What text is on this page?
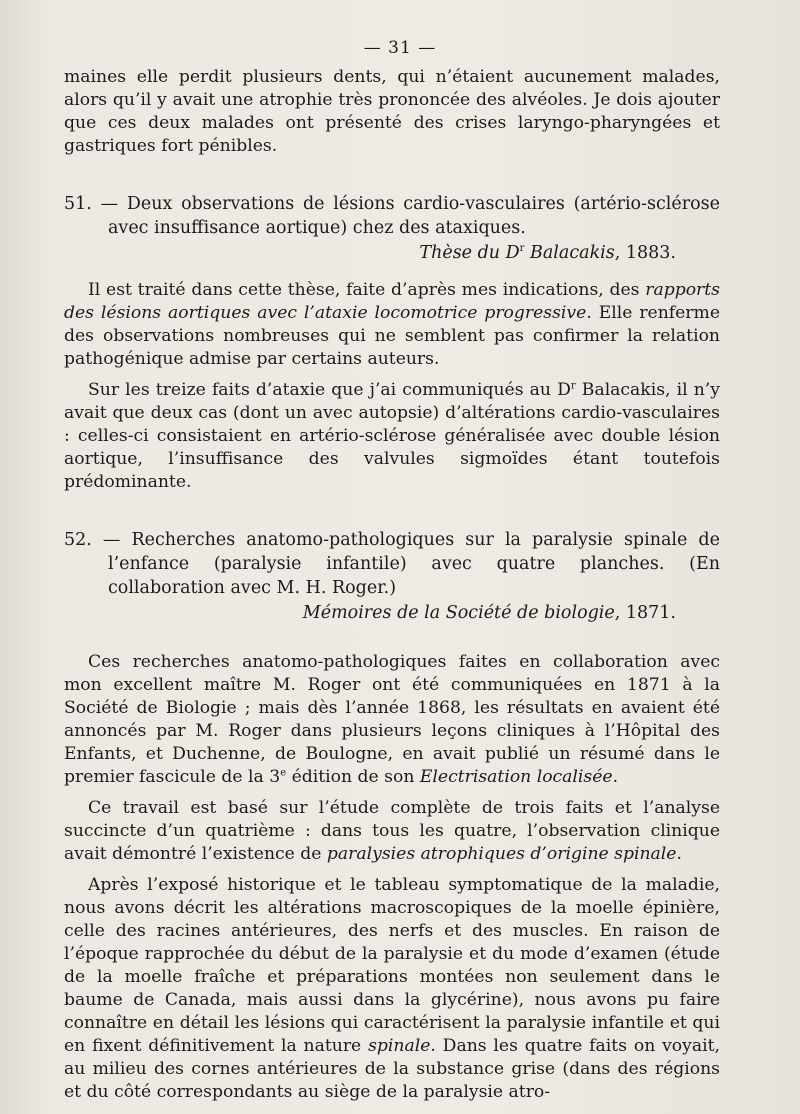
— 31 —

maines elle perdit plusieurs dents, qui n’étaient aucunement malades, alors qu’il y avait une atrophie très prononcée des alvéoles. Je dois ajouter que ces deux malades ont présenté des crises laryngo-pharyngées et gastriques fort pénibles.

51. — Deux observations de lésions cardio-vasculaires (artério-sclérose avec insuffisance aortique) chez des ataxiques.
Thèse du $D^r$ Balacakis, 1883.

Il est traité dans cette thèse, faite d’après mes indications, des rapports des lésions aortiques avec l’ataxie locomotrice progressive. Elle renferme des observations nombreuses qui ne semblent pas confirmer la relation pathogénique admise par certains auteurs.

Sur les treize faits d’ataxie que j’ai communiqués au $D^r$ Balacakis, il n’y avait que deux cas (dont un avec autopsie) d’altérations cardio-vasculaires : celles-ci consistaient en artério-sclérose généralisée avec double lésion aortique, l’insuffisance des valvules sigmoïdes étant toutefois prédominante.

52. — Recherches anatomo-pathologiques sur la paralysie spinale de l’enfance (paralysie infantile) avec quatre planches. (En collaboration avec M. H. Roger.)
Mémoires de la Société de biologie, 1871.

Ces recherches anatomo-pathologiques faites en collaboration avec mon excellent maître M. Roger ont été communiquées en 1871 à la Société de Biologie ; mais dès l’année 1868, les résultats en avaient été annoncés par M. Roger dans plusieurs leçons cliniques à l’Hôpital des Enfants, et Duchenne, de Boulogne, en avait publié un résumé dans le premier fascicule de la 3e édition de son Electrisation localisée.

Ce travail est basé sur l’étude complète de trois faits et l’analyse succincte d’un quatrième : dans tous les quatre, l’observation clinique avait démontré l’existence de paralysies atrophiques d’origine spinale.

Après l’exposé historique et le tableau symptomatique de la maladie, nous avons décrit les altérations macroscopiques de la moelle épinière, celle des racines antérieures, des nerfs et des muscles. En raison de l’époque rapprochée du début de la paralysie et du mode d’examen (étude de la moelle fraîche et préparations montées non seulement dans le baume de Canada, mais aussi dans la glycérine), nous avons pu faire connaître en détail les lésions qui caractérisent la paralysie infantile et qui en fixent définitivement la nature spinale. Dans les quatre faits on voyait, au milieu des cornes antérieures de la substance grise (dans des régions et du côté correspondants au siège de la paralysie atro-
